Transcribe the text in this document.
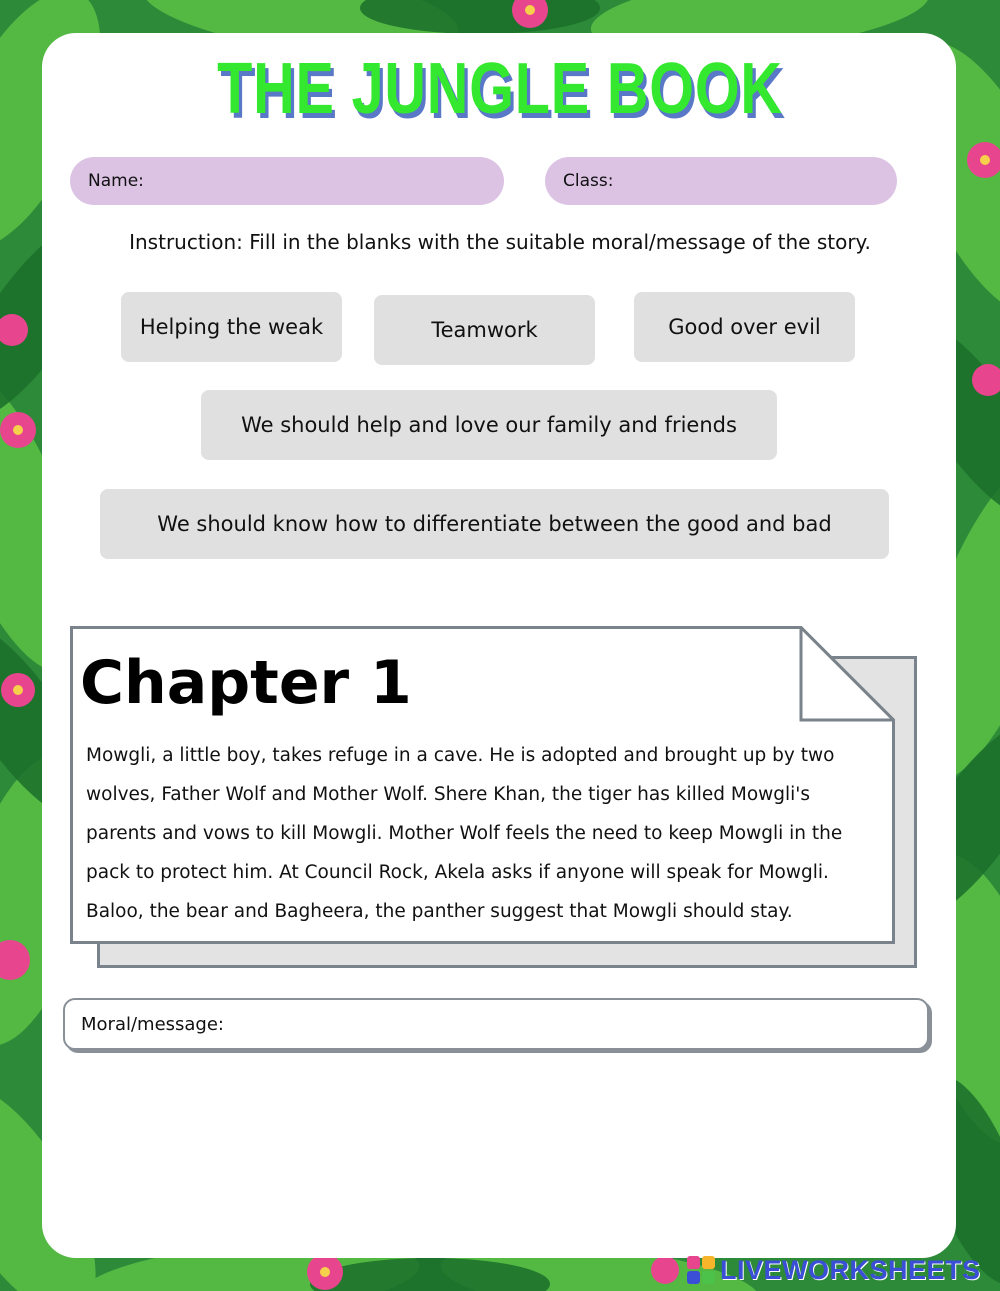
THE JUNGLE BOOK
Name:	Class:

Instruction: Fill in the blanks with the suitable moral/message of the story.

Helping the weak	Teamwork	Good over evil
We should help and love our family and friends
We should know how to differentiate between the good and bad
Chapter 1

Mowgli, a little boy, takes refuge in a cave. He is adopted and brought up by two wolves, Father Wolf and Mother Wolf. Shere Khan, the tiger has killed Mowgli's parents and vows to kill Mowgli. Mother Wolf feels the need to keep Mowgli in the pack to protect him. At Council Rock, Akela asks if anyone will speak for Mowgli. Baloo, the bear and Bagheera, the panther suggest that Mowgli should stay.

Moral/message:
LIVEWORKSHEETS
